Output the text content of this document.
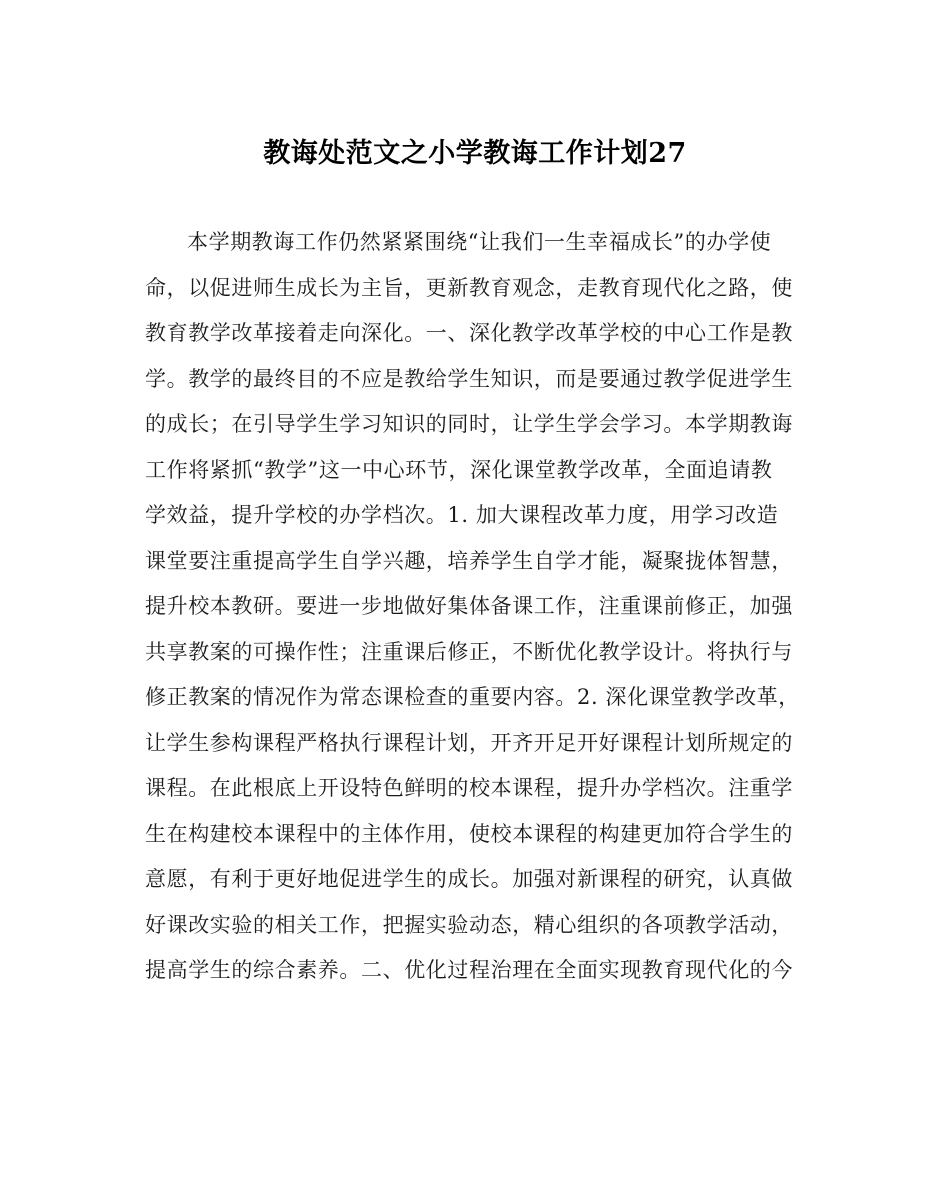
教诲处范文之小学教诲工作计划27
本学期教诲工作仍然紧紧围绕“让我们一生幸福成长”的办学使
命，以促进师生成长为主旨，更新教育观念，走教育现代化之路，使
教育教学改革接着走向深化。一、深化教学改革学校的中心工作是教
学。教学的最终目的不应是教给学生知识，而是要通过教学促进学生
的成长；在引导学生学习知识的同时，让学生学会学习。本学期教诲
工作将紧抓“教学”这一中心环节，深化课堂教学改革，全面追请教
学效益，提升学校的办学档次。1. 加大课程改革力度，用学习改造
课堂要注重提高学生自学兴趣，培养学生自学才能，凝聚拢体智慧，
提升校本教研。要进一步地做好集体备课工作，注重课前修正，加强
共享教案的可操作性；注重课后修正，不断优化教学设计。将执行与
修正教案的情况作为常态课检查的重要内容。2. 深化课堂教学改革，
让学生参构课程严格执行课程计划，开齐开足开好课程计划所规定的
课程。在此根底上开设特色鲜明的校本课程，提升办学档次。注重学
生在构建校本课程中的主体作用，使校本课程的构建更加符合学生的
意愿，有利于更好地促进学生的成长。加强对新课程的研究，认真做
好课改实验的相关工作，把握实验动态，精心组织的各项教学活动，
提高学生的综合素养。二、优化过程治理在全面实现教育现代化的今
